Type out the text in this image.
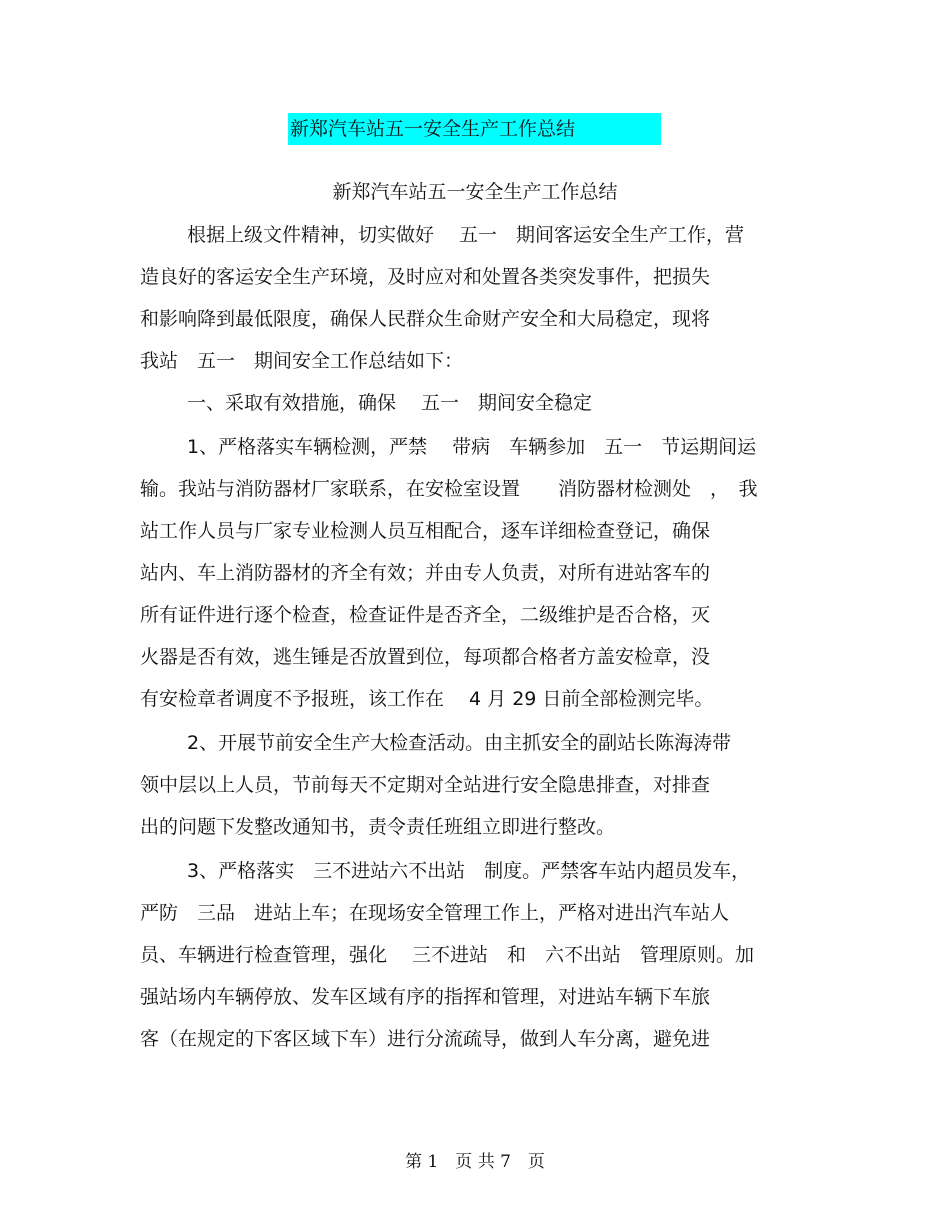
新郑汽车站五一安全生产工作总结
新郑汽车站五一安全生产工作总结
根据上级文件精神，切实做好　 五一　期间客运安全生产工作，营
造良好的客运安全生产环境，及时应对和处置各类突发事件，把损失
和影响降到最低限度，确保人民群众生命财产安全和大局稳定，现将
我站　五一　期间安全工作总结如下：
一、采取有效措施，确保　 五一　期间安全稳定
1、严格落实车辆检测，严禁　 带病　车辆参加　五一　节运期间运
输。我站与消防器材厂家联系，在安检室设置　　消防器材检测处　，　我
站工作人员与厂家专业检测人员互相配合，逐车详细检查登记，确保
站内、车上消防器材的齐全有效；并由专人负责，对所有进站客车的
所有证件进行逐个检查，检查证件是否齐全，二级维护是否合格，灭
火器是否有效，逃生锤是否放置到位，每项都合格者方盖安检章，没
有安检章者调度不予报班，该工作在　 4 月 29 日前全部检测完毕。
2、开展节前安全生产大检查活动。由主抓安全的副站长陈海涛带
领中层以上人员，节前每天不定期对全站进行安全隐患排查，对排查
出的问题下发整改通知书，责令责任班组立即进行整改。
3、严格落实　三不进站六不出站　制度。严禁客车站内超员发车，
严防　三品　进站上车；在现场安全管理工作上，严格对进出汽车站人
员、车辆进行检查管理，强化　 三不进站　和　六不出站　管理原则。加
强站场内车辆停放、发车区域有序的指挥和管理，对进站车辆下车旅
客（在规定的下客区域下车）进行分流疏导，做到人车分离，避免进
第 1　页 共 7　页
